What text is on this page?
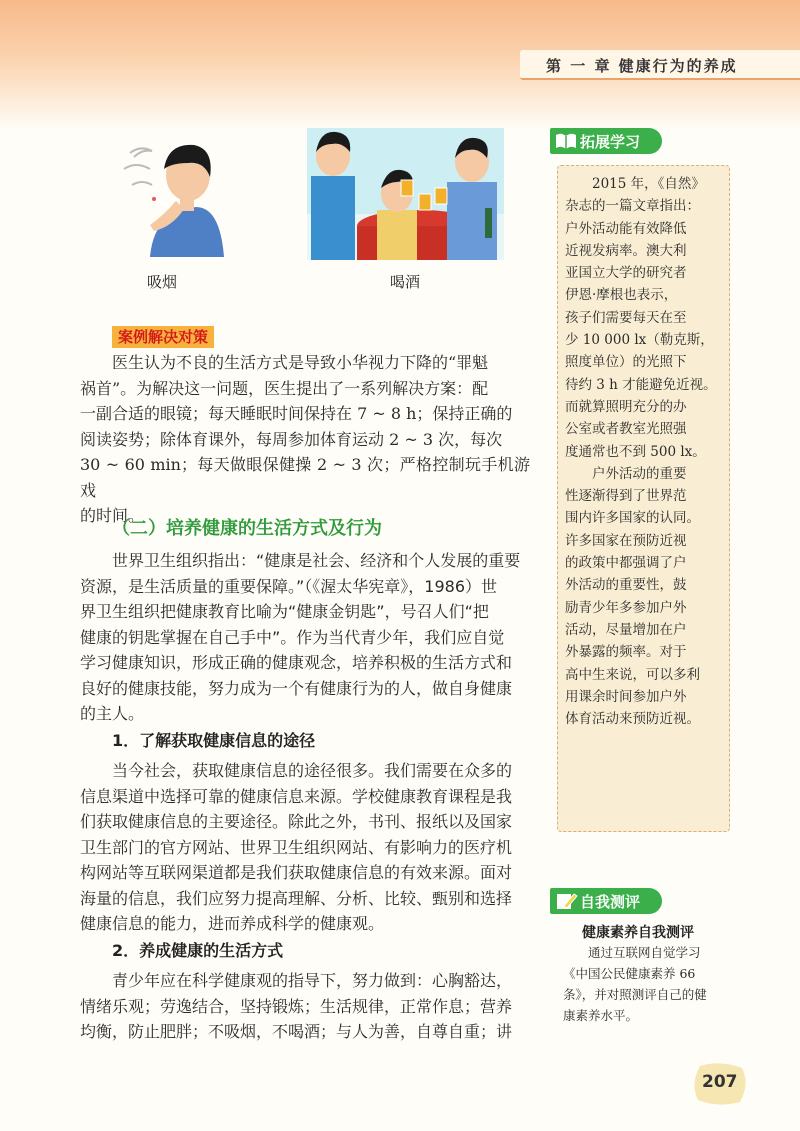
第 一 章 健康行为的养成
吸烟	喝酒
案例解决对策
医生认为不良的生活方式是导致小华视力下降的“罪魁
祸首”。为解决这一问题，医生提出了一系列解决方案：配
一副合适的眼镜；每天睡眠时间保持在 7 ~ 8 h；保持正确的
阅读姿势；除体育课外，每周参加体育运动 2 ~ 3 次，每次
30 ~ 60 min；每天做眼保健操 2 ~ 3 次；严格控制玩手机游戏
的时间。
（二）培养健康的生活方式及行为
世界卫生组织指出：“健康是社会、经济和个人发展的重要
资源，是生活质量的重要保障。”（《渥太华宪章》，1986）世
界卫生组织把健康教育比喻为“健康金钥匙”，号召人们“把
健康的钥匙掌握在自己手中”。作为当代青少年，我们应自觉
学习健康知识，形成正确的健康观念，培养积极的生活方式和
良好的健康技能，努力成为一个有健康行为的人，做自身健康
的主人。
1．了解获取健康信息的途径
当今社会，获取健康信息的途径很多。我们需要在众多的
信息渠道中选择可靠的健康信息来源。学校健康教育课程是我
们获取健康信息的主要途径。除此之外，书刊、报纸以及国家
卫生部门的官方网站、世界卫生组织网站、有影响力的医疗机
构网站等互联网渠道都是我们获取健康信息的有效来源。面对
海量的信息，我们应努力提高理解、分析、比较、甄别和选择
健康信息的能力，进而养成科学的健康观。
2．养成健康的生活方式
青少年应在科学健康观的指导下，努力做到：心胸豁达，
情绪乐观；劳逸结合，坚持锻炼；生活规律，正常作息；营养
均衡，防止肥胖；不吸烟，不喝酒；与人为善，自尊自重；讲
拓展学习
2015 年，《自然》
杂志的一篇文章指出：
户外活动能有效降低
近视发病率。澳大利
亚国立大学的研究者
伊恩·摩根也表示，
孩子们需要每天在至
少 10 000 lx（勒克斯，
照度单位）的光照下
待约 3 h 才能避免近视。
而就算照明充分的办
公室或者教室光照强
度通常也不到 500 lx。
户外活动的重要
性逐渐得到了世界范
围内许多国家的认同。
许多国家在预防近视
的政策中都强调了户
外活动的重要性，鼓
励青少年多参加户外
活动，尽量增加在户
外暴露的频率。对于
高中生来说，可以多利
用课余时间参加户外
体育活动来预防近视。
自我测评
健康素养自我测评
通过互联网自觉学习
《中国公民健康素养 66
条》，并对照测评自己的健
康素养水平。
207
